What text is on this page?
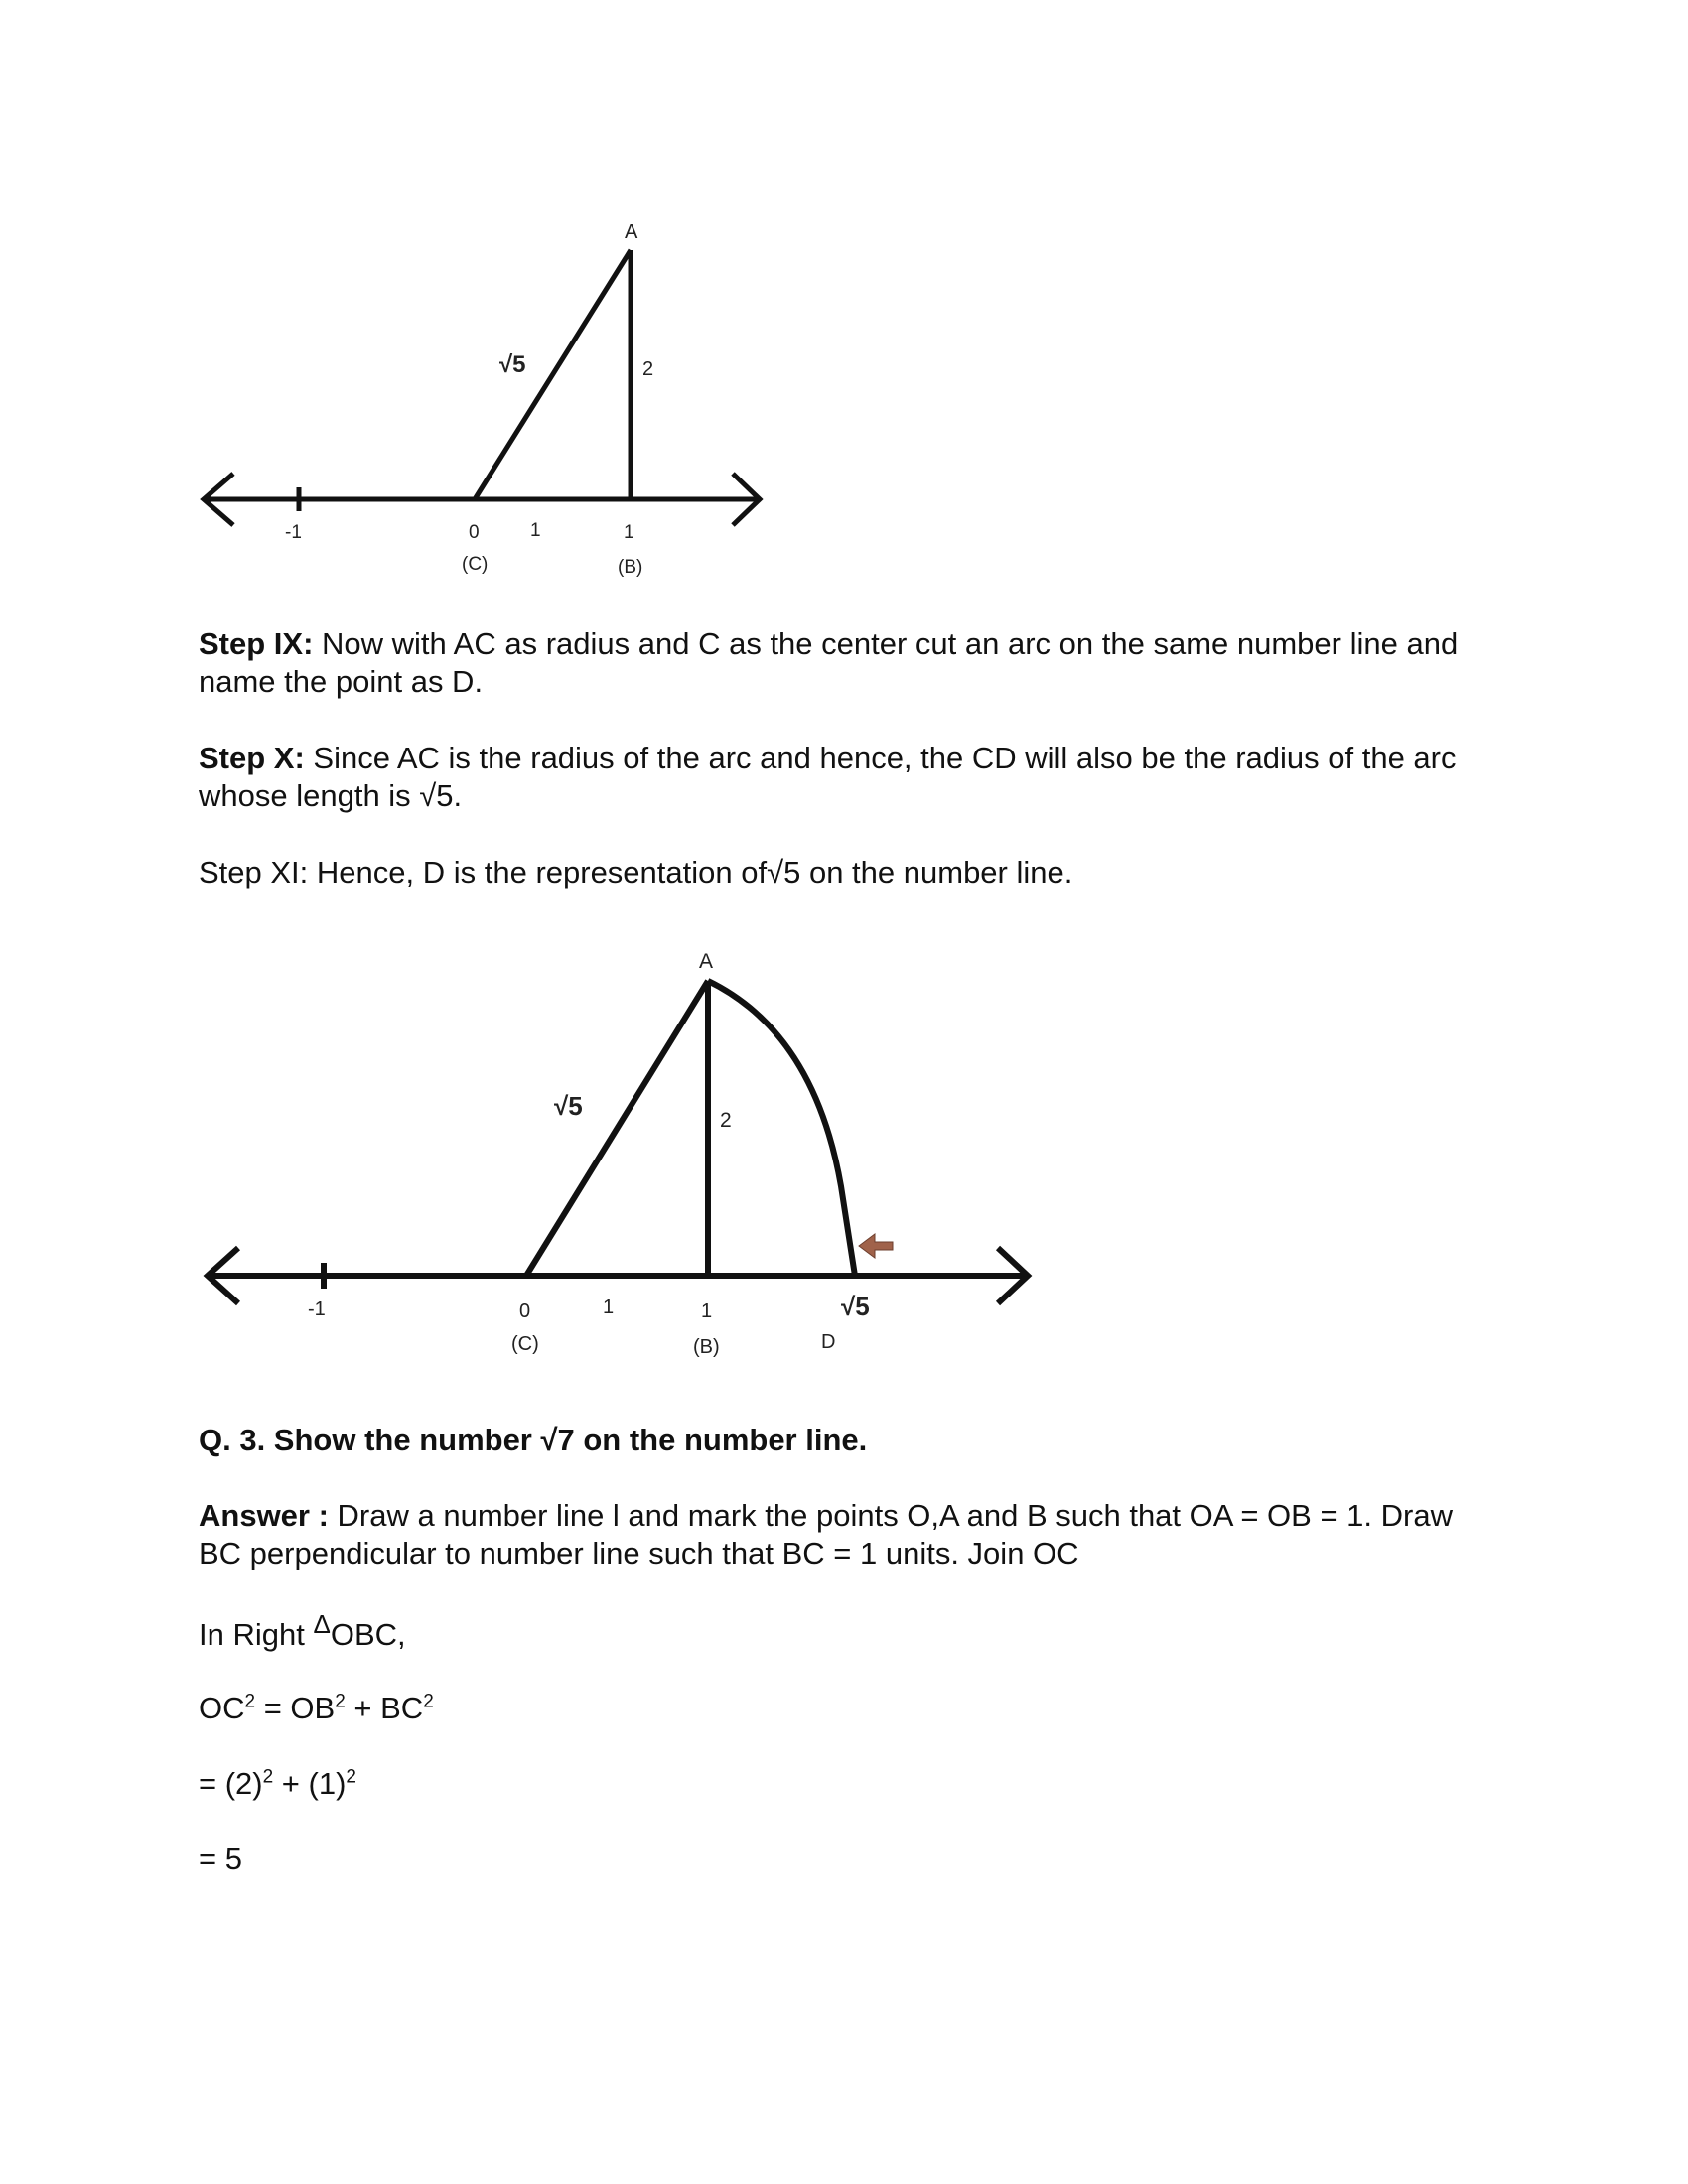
A
√5	2
-1	0	1	1
(C)	(B)

Step IX: Now with AC as radius and C as the center cut an arc on the same number line and name the point as D.

Step X: Since AC is the radius of the arc and hence, the CD will also be the radius of the arc whose length is √5.

Step XI: Hence, D is the representation of√5 on the number line.

A
√5	2
-1	0	1	1	√5
(C)	(B)	D

Q. 3. Show the number √7 on the number line.

Answer : Draw a number line l and mark the points O,A and B such that OA = OB = 1. Draw BC perpendicular to number line such that BC = 1 units. Join OC

In Right $^\Delta$OBC,

$OC^2 = OB^2 + BC^2$

= $(2)^2 + (1)^2$

= 5
